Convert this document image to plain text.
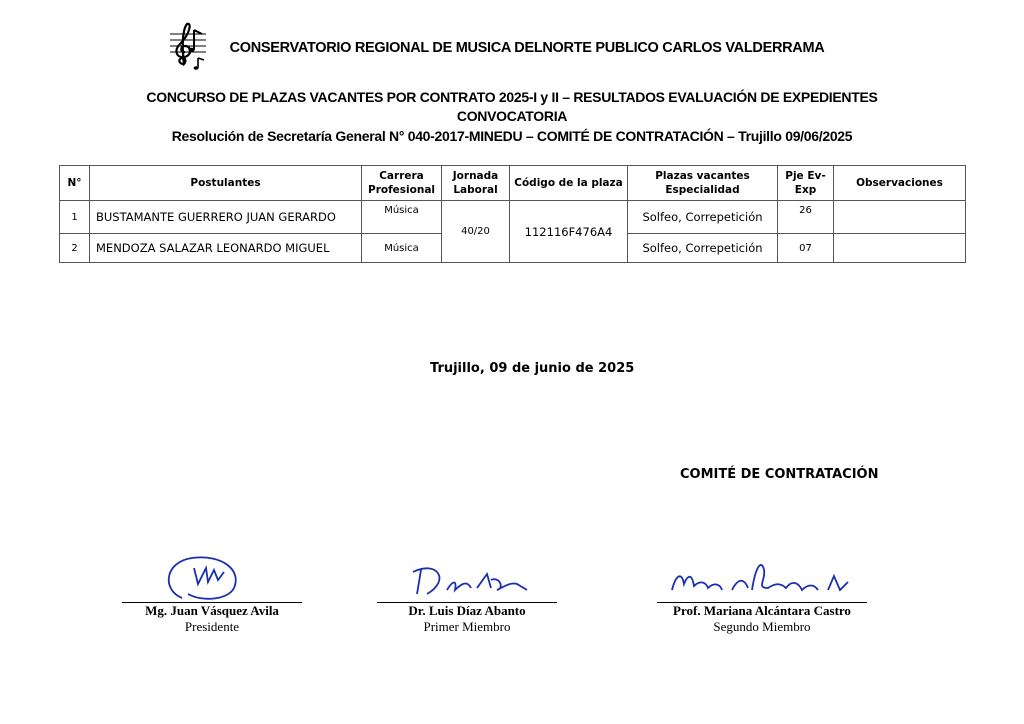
CONSERVATORIO REGIONAL DE MUSICA DELNORTE PUBLICO CARLOS VALDERRAMA
CONCURSO DE PLAZAS VACANTES POR CONTRATO 2025-I y II – RESULTADOS EVALUACIÓN DE EXPEDIENTES
CONVOCATORIA
Resolución de Secretaría General N° 040-2017-MINEDU – COMITÉ DE CONTRATACIÓN – Trujillo 09/06/2025
N°	Postulantes	Carrera Profesional	Jornada Laboral	Código de la plaza	Plazas vacantes Especialidad	Pje Ev-Exp	Observaciones
1	BUSTAMANTE GUERRERO JUAN GERARDO	Música	40/20	112116F476A4	Solfeo, Correpetición	26	
2	MENDOZA SALAZAR LEONARDO MIGUEL	Música			Solfeo, Correpetición	07	
Trujillo, 09 de junio de 2025
COMITÉ DE CONTRATACIÓN
Mg. Juan Vásquez Avila
Presidente
Dr. Luis Díaz Abanto
Primer Miembro
Prof. Mariana Alcántara Castro
Segundo Miembro
